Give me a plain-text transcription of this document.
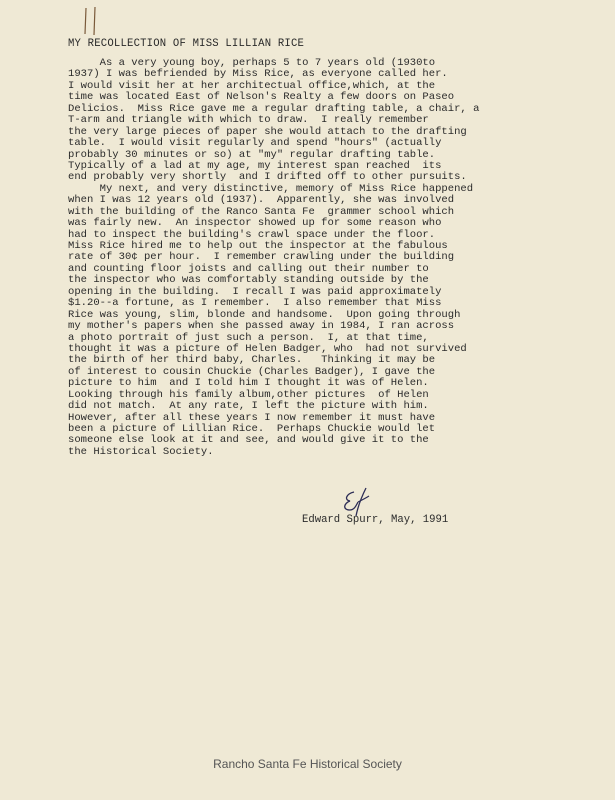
MY RECOLLECTION OF MISS LILLIAN RICE
As a very young boy, perhaps 5 to 7 years old (1930to
1937) I was befriended by Miss Rice, as everyone called her.
I would visit her at her architectual office,which, at the
time was located East of Nelson's Realty a few doors on Paseo
Delicios.  Miss Rice gave me a regular drafting table, a chair, a
T-arm and triangle with which to draw.  I really remember
the very large pieces of paper she would attach to the drafting
table.  I would visit regularly and spend "hours" (actually
probably 30 minutes or so) at "my" regular drafting table.
Typically of a lad at my age, my interest span reached  its
end probably very shortly  and I drifted off to other pursuits.
My next, and very distinctive, memory of Miss Rice happened
when I was 12 years old (1937).  Apparently, she was involved
with the building of the Ranco Santa Fe  grammer school which
was fairly new.  An inspector showed up for some reason who
had to inspect the building's crawl space under the floor.
Miss Rice hired me to help out the inspector at the fabulous
rate of 30¢ per hour.  I remember crawling under the building
and counting floor joists and calling out their number to
the inspector who was comfortably standing outside by the
opening in the building.  I recall I was paid approximately
$1.20--a fortune, as I remember.  I also remember that Miss
Rice was young, slim, blonde and handsome.  Upon going through
my mother's papers when she passed away in 1984, I ran across
a photo portrait of just such a person.  I, at that time,
thought it was a picture of Helen Badger, who  had not survived
the birth of her third baby, Charles.   Thinking it may be
of interest to cousin Chuckie (Charles Badger), I gave the
picture to him  and I told him I thought it was of Helen.
Looking through his family album,other pictures  of Helen
did not match.  At any rate, I left the picture with him.
However, after all these years I now remember it must have
been a picture of Lillian Rice.  Perhaps Chuckie would let
someone else look at it and see, and would give it to the
the Historical Society.
Edward Spurr, May, 1991
Rancho Santa Fe Historical Society
